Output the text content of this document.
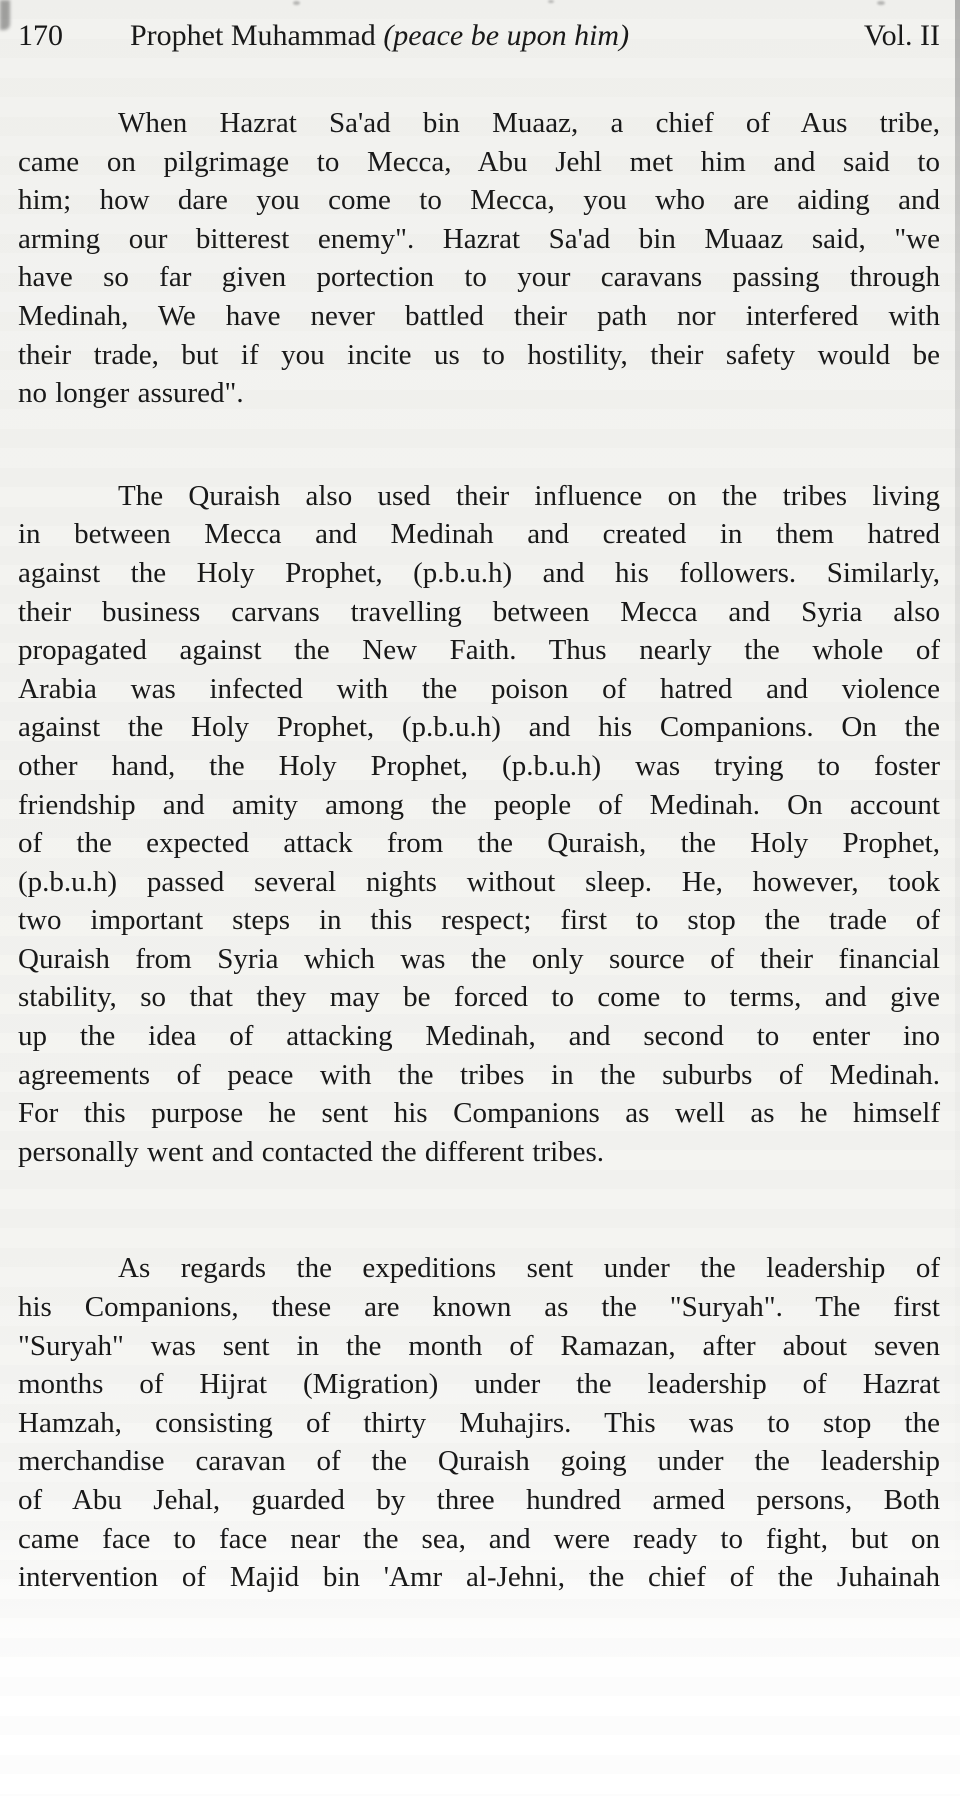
170	Prophet Muhammad (peace be upon him)	Vol. II
When Hazrat Sa'ad bin Muaaz, a chief of Aus tribe,
came on pilgrimage to Mecca, Abu Jehl met him and said to
him; how dare you come to Mecca, you who are aiding and
arming our bitterest enemy". Hazrat Sa'ad bin Muaaz said, "we
have so far given portection to your caravans passing through
Medinah, We have never battled their path nor interfered with
their trade, but if you incite us to hostility, their safety would be
no longer assured".
The Quraish also used their influence on the tribes living
in between Mecca and Medinah and created in them hatred
against the Holy Prophet, (p.b.u.h) and his followers. Similarly,
their business carvans travelling between Mecca and Syria also
propagated against the New Faith. Thus nearly the whole of
Arabia was infected with the poison of hatred and violence
against the Holy Prophet, (p.b.u.h) and his Companions. On the
other hand, the Holy Prophet, (p.b.u.h) was trying to foster
friendship and amity among the people of Medinah. On account
of the expected attack from the Quraish, the Holy Prophet,
(p.b.u.h) passed several nights without sleep. He, however, took
two important steps in this respect; first to stop the trade of
Quraish from Syria which was the only source of their financial
stability, so that they may be forced to come to terms, and give
up the idea of attacking Medinah, and second to enter ino
agreements of peace with the tribes in the suburbs of Medinah.
For this purpose he sent his Companions as well as he himself
personally went and contacted the different tribes.
As regards the expeditions sent under the leadership of
his Companions, these are known as the "Suryah". The first
"Suryah" was sent in the month of Ramazan, after about seven
months of Hijrat (Migration) under the leadership of Hazrat
Hamzah, consisting of thirty Muhajirs. This was to stop the
merchandise caravan of the Quraish going under the leadership
of Abu Jehal, guarded by three hundred armed persons, Both
came face to face near the sea, and were ready to fight, but on
intervention of Majid bin 'Amr al-Jehni, the chief of the Juhainah
